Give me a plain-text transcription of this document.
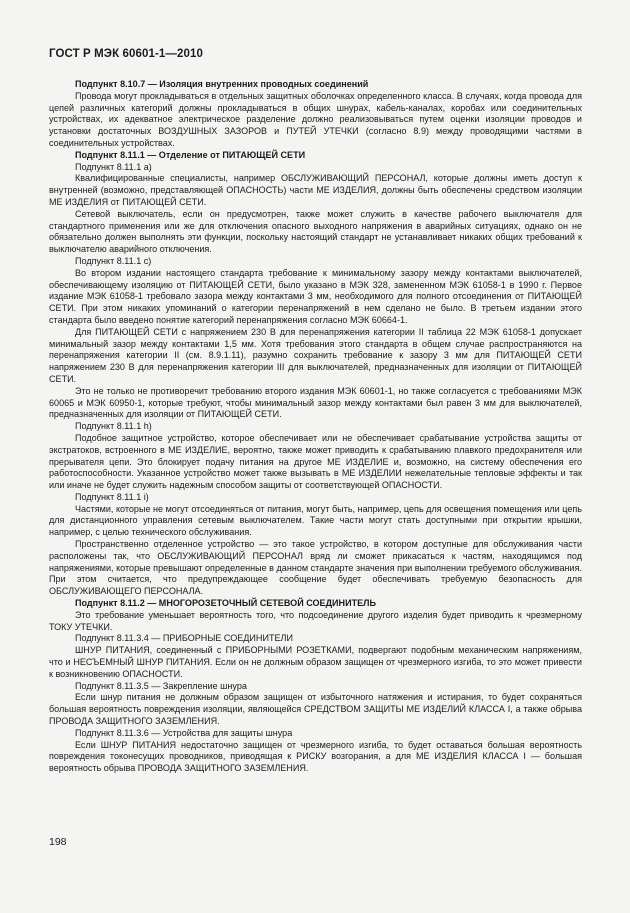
ГОСТ Р МЭК 60601-1—2010

Подпункт 8.10.7 — Изоляция внутренних проводных соединений

Провода могут прокладываться в отдельных защитных оболочках определенного класса. В случаях, когда провода для цепей различных категорий должны прокладываться в общих шнурах, кабель-каналах, коробах или соединительных устройствах, их адекватное электрическое разделение должно реализовываться путем оценки изоляции проводов и установки достаточных ВОЗДУШНЫХ ЗАЗОРОВ и ПУТЕЙ УТЕЧКИ (согласно 8.9) между проводящими частями в соединительных устройствах.

Подпункт 8.11.1 — Отделение от ПИТАЮЩЕЙ СЕТИ

Подпункт 8.11.1 а)

Квалифицированные специалисты, например ОБСЛУЖИВАЮЩИЙ ПЕРСОНАЛ, которые должны иметь доступ к внутренней (возможно, представляющей ОПАСНОСТЬ) части МЕ ИЗДЕЛИЯ, должны быть обеспечены средством изоляции МЕ ИЗДЕЛИЯ от ПИТАЮЩЕЙ СЕТИ.

Сетевой выключатель, если он предусмотрен, также может служить в качестве рабочего выключателя для стандартного применения или же для отключения опасного выходного напряжения в аварийных ситуациях, однако он не обязательно должен выполнять эти функции, поскольку настоящий стандарт не устанавливает никаких общих требований к выключателю аварийного отключения.

Подпункт 8.11.1 с)

Во втором издании настоящего стандарта требование к минимальному зазору между контактами выключателей, обеспечивающему изоляцию от ПИТАЮЩЕЙ СЕТИ, было указано в МЭК 328, замененном МЭК 61058-1 в 1990 г. Первое издание МЭК 61058-1 требовало зазора между контактами 3 мм, необходимого для полного отсоединения от ПИТАЮЩЕЙ СЕТИ. При этом никаких упоминаний о категории перенапряжений в нем сделано не было. В третьем издании этого стандарта было введено понятие категорий перенапряжения согласно МЭК 60664-1.

Для ПИТАЮЩЕЙ СЕТИ с напряжением 230 В для перенапряжения категории II таблица 22 МЭК 61058-1 допускает минимальный зазор между контактами 1,5 мм. Хотя требования этого стандарта в общем случае распространяются на перенапряжения категории II (см. 8.9.1.11), разумно сохранить требование к зазору 3 мм для ПИТАЮЩЕЙ СЕТИ напряжением 230 В для перенапряжения категории III для выключателей, предназначенных для изоляции от ПИТАЮЩЕЙ СЕТИ.

Это не только не противоречит требованию второго издания МЭК 60601-1, но также согласуется с требованиями МЭК 60065 и МЭК 60950-1, которые требуют, чтобы минимальный зазор между контактами был равен 3 мм для выключателей, предназначенных для изоляции от ПИТАЮЩЕЙ СЕТИ.

Подпункт 8.11.1 h)

Подобное защитное устройство, которое обеспечивает или не обеспечивает срабатывание устройства защиты от экстратоков, встроенного в МЕ ИЗДЕЛИЕ, вероятно, также может приводить к срабатыванию плавкого предохранителя или прерывателя цепи. Это блокирует подачу питания на другое МЕ ИЗДЕЛИЕ и, возможно, на систему обеспечения его работоспособности. Указанное устройство может также вызывать в МЕ ИЗДЕЛИИ нежелательные тепловые эффекты и так или иначе не будет служить надежным способом защиты от соответствующей ОПАСНОСТИ.

Подпункт 8.11.1 i)

Частями, которые не могут отсоединяться от питания, могут быть, например, цепь для освещения помещения или цепь для дистанционного управления сетевым выключателем. Такие части могут стать доступными при открытии крышки, например, с целью технического обслуживания.

Пространственно отделенное устройство — это такое устройство, в котором доступные для обслуживания части расположены так, что ОБСЛУЖИВАЮЩИЙ ПЕРСОНАЛ вряд ли сможет прикасаться к частям, находящимся под напряжениями, которые превышают определенные в данном стандарте значения при выполнении требуемого обслуживания. При этом считается, что предупреждающее сообщение будет обеспечивать требуемую безопасность для ОБСЛУЖИВАЮЩЕГО ПЕРСОНАЛА.

Подпункт 8.11.2 — МНОГОРОЗЕТОЧНЫЙ СЕТЕВОЙ СОЕДИНИТЕЛЬ

Это требование уменьшает вероятность того, что подсоединение другого изделия будет приводить к чрезмерному ТОКУ УТЕЧКИ.

Подпункт 8.11.3.4 — ПРИБОРНЫЕ СОЕДИНИТЕЛИ

ШНУР ПИТАНИЯ, соединенный с ПРИБОРНЫМИ РОЗЕТКАМИ, подвергают подобным механическим напряжениям, что и НЕСЪЕМНЫЙ ШНУР ПИТАНИЯ. Если он не должным образом защищен от чрезмерного изгиба, то это может привести к возникновению ОПАСНОСТИ.

Подпункт 8.11.3.5 — Закрепление шнура

Если шнур питания не должным образом защищен от избыточного натяжения и истирания, то будет сохраняться большая вероятность повреждения изоляции, являющейся СРЕДСТВОМ ЗАЩИТЫ МЕ ИЗДЕЛИЙ КЛАССА I, а также обрыва ПРОВОДА ЗАЩИТНОГО ЗАЗЕМЛЕНИЯ.

Подпункт 8.11.3.6 — Устройства для защиты шнура

Если ШНУР ПИТАНИЯ недостаточно защищен от чрезмерного изгиба, то будет оставаться большая вероятность повреждения токонесущих проводников, приводящая к РИСКУ возгорания, а для МЕ ИЗДЕЛИЯ КЛАССА I — большая вероятность обрыва ПРОВОДА ЗАЩИТНОГО ЗАЗЕМЛЕНИЯ.

198
